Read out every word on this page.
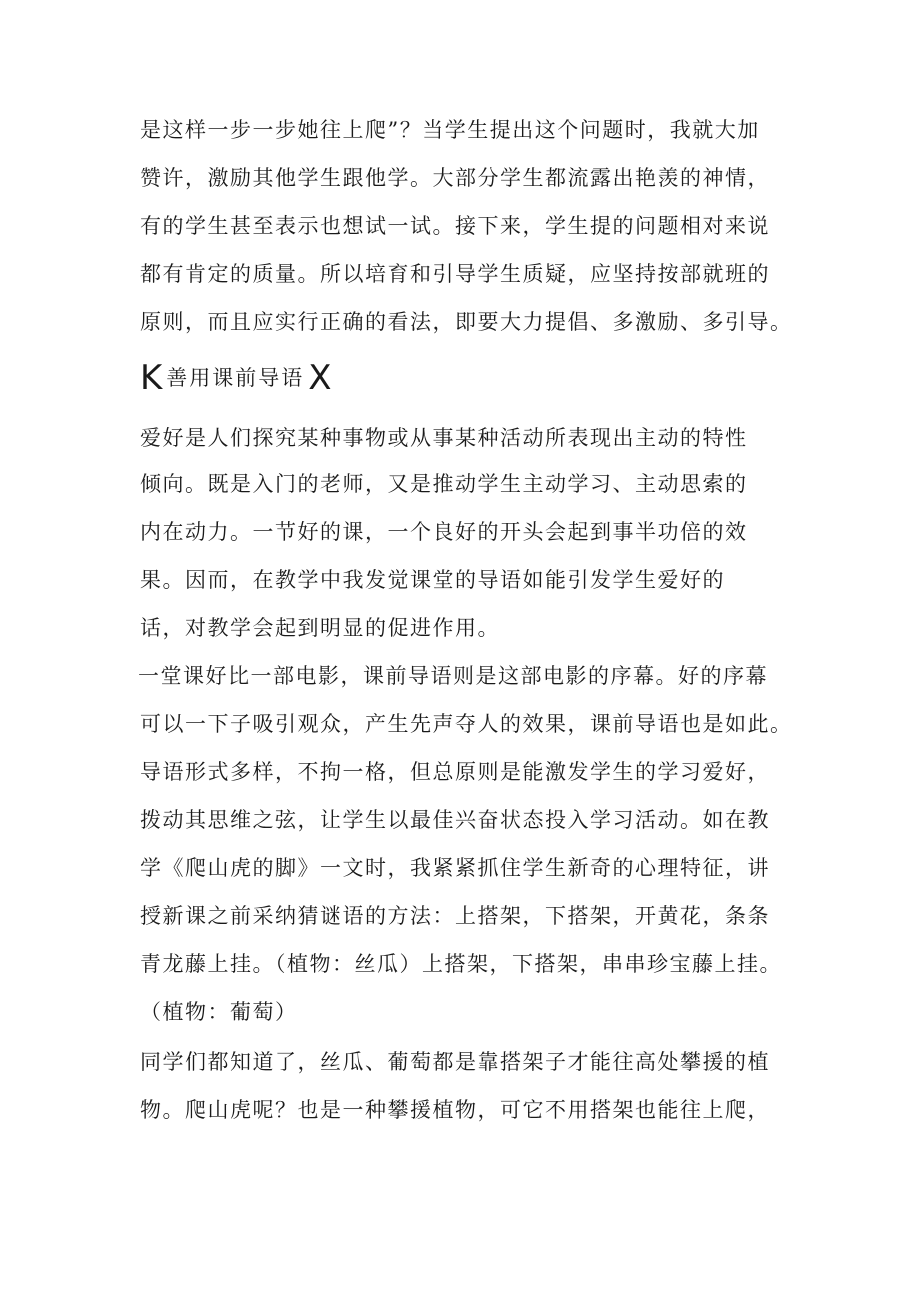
是这样一步一步她往上爬”？当学生提出这个问题时，我就大加
赞许，激励其他学生跟他学。大部分学生都流露出艳羡的神情，
有的学生甚至表示也想试一试。接下来，学生提的问题相对来说
都有肯定的质量。所以培育和引导学生质疑，应坚持按部就班的
原则，而且应实行正确的看法，即要大力提倡、多激励、多引导。
K善用课前导语 X
爱好是人们探究某种事物或从事某种活动所表现出主动的特性
倾向。既是入门的老师，又是推动学生主动学习、主动思索的
内在动力。一节好的课，一个良好的开头会起到事半功倍的效
果。因而，在教学中我发觉课堂的导语如能引发学生爱好的
话，对教学会起到明显的促进作用。
一堂课好比一部电影，课前导语则是这部电影的序幕。好的序幕
可以一下子吸引观众，产生先声夺人的效果，课前导语也是如此。
导语形式多样，不拘一格，但总原则是能激发学生的学习爱好，
拨动其思维之弦，让学生以最佳兴奋状态投入学习活动。如在教
学《爬山虎的脚》一文时，我紧紧抓住学生新奇的心理特征，讲
授新课之前采纳猜谜语的方法：上搭架，下搭架，开黄花，条条
青龙藤上挂。（植物：丝瓜）上搭架，下搭架，串串珍宝藤上挂。
（植物：葡萄）
同学们都知道了，丝瓜、葡萄都是靠搭架子才能往高处攀援的植
物。爬山虎呢？也是一种攀援植物，可它不用搭架也能往上爬，
